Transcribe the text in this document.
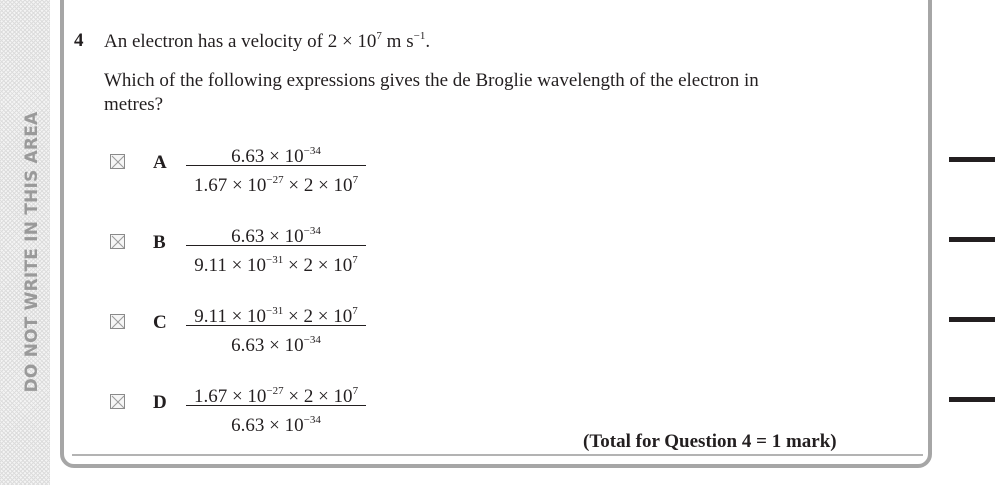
DO NOT WRITE IN THIS AREA
4 An electron has a velocity of $2 \times 10^7$ m $s^{-1}$.
Which of the following expressions gives the de Broglie wavelength of the electron in metres?
A	$6.63 \times 10^{-34}$
$1.67 \times 10^{-27} \times 2 \times 10^7$
B	$6.63 \times 10^{-34}$
$9.11 \times 10^{-31} \times 2 \times 10^7$
C	$9.11 \times 10^{-31} \times 2 \times 10^7$
$6.63 \times 10^{-34}$
D	$1.67 \times 10^{-27} \times 2 \times 10^7$
$6.63 \times 10^{-34}$
(Total for Question 4 = 1 mark)
